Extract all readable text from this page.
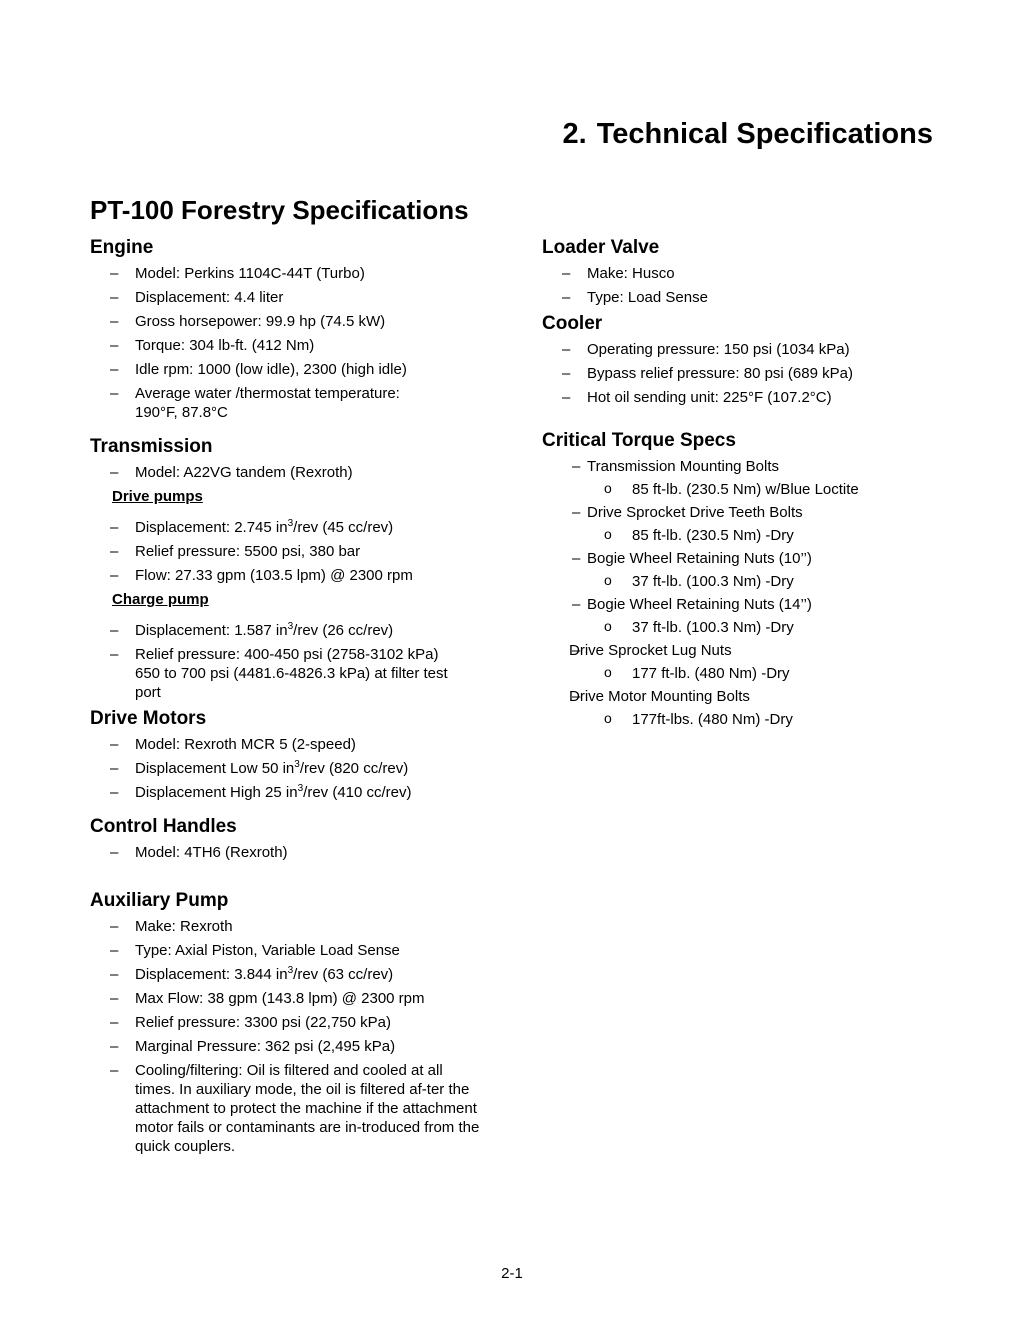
2. Technical Specifications
PT-100 Forestry Specifications
Engine
– Model: Perkins 1104C-44T (Turbo)
– Displacement: 4.4 liter
– Gross horsepower: 99.9 hp (74.5 kW)
– Torque: 304 lb-ft. (412 Nm)
– Idle rpm: 1000 (low idle), 2300 (high idle)
– Average water /thermostat temperature: 190°F, 87.8°C
Transmission
– Model: A22VG tandem (Rexroth)
Drive pumps
– Displacement: 2.745 $in^3$/rev (45 cc/rev)
– Relief pressure: 5500 psi, 380 bar
– Flow: 27.33 gpm (103.5 lpm) @ 2300 rpm
Charge pump
– Displacement: 1.587 $in^3$/rev (26 cc/rev)
– Relief pressure: 400-450 psi (2758-3102 kPa) 650 to 700 psi (4481.6-4826.3 kPa) at filter test port
Drive Motors
– Model: Rexroth MCR 5 (2-speed)
– Displacement Low 50 $in^3$/rev (820 cc/rev)
– Displacement High 25 $in^3$/rev (410 cc/rev)
Control Handles
– Model: 4TH6 (Rexroth)
Auxiliary Pump
– Make: Rexroth
– Type: Axial Piston, Variable Load Sense
– Displacement: 3.844 $in^3$/rev (63 cc/rev)
– Max Flow: 38 gpm (143.8 lpm) @ 2300 rpm
– Relief pressure: 3300 psi (22,750 kPa)
– Marginal Pressure: 362 psi (2,495 kPa)
– Cooling/filtering: Oil is filtered and cooled at all times. In auxiliary mode, the oil is filtered af-ter the attachment to protect the machine if the attachment motor fails or contaminants are in-troduced from the quick couplers.
Loader Valve
– Make: Husco
– Type: Load Sense
Cooler
– Operating pressure: 150 psi (1034 kPa)
– Bypass relief pressure: 80 psi (689 kPa)
– Hot oil sending unit: 225°F (107.2°C)
Critical Torque Specs
– Transmission Mounting Bolts
o 85 ft-lb. (230.5 Nm) w/Blue Loctite
– Drive Sprocket Drive Teeth Bolts
o 85 ft-lb. (230.5 Nm) -Dry
– Bogie Wheel Retaining Nuts (10’’)
o 37 ft-lb. (100.3 Nm) -Dry
– Bogie Wheel Retaining Nuts (14’’)
o 37 ft-lb. (100.3 Nm) -Dry
– Drive Sprocket Lug Nuts
o 177 ft-lb. (480 Nm) -Dry
– Drive Motor Mounting Bolts
o 177ft-lbs. (480 Nm) -Dry
2-1
